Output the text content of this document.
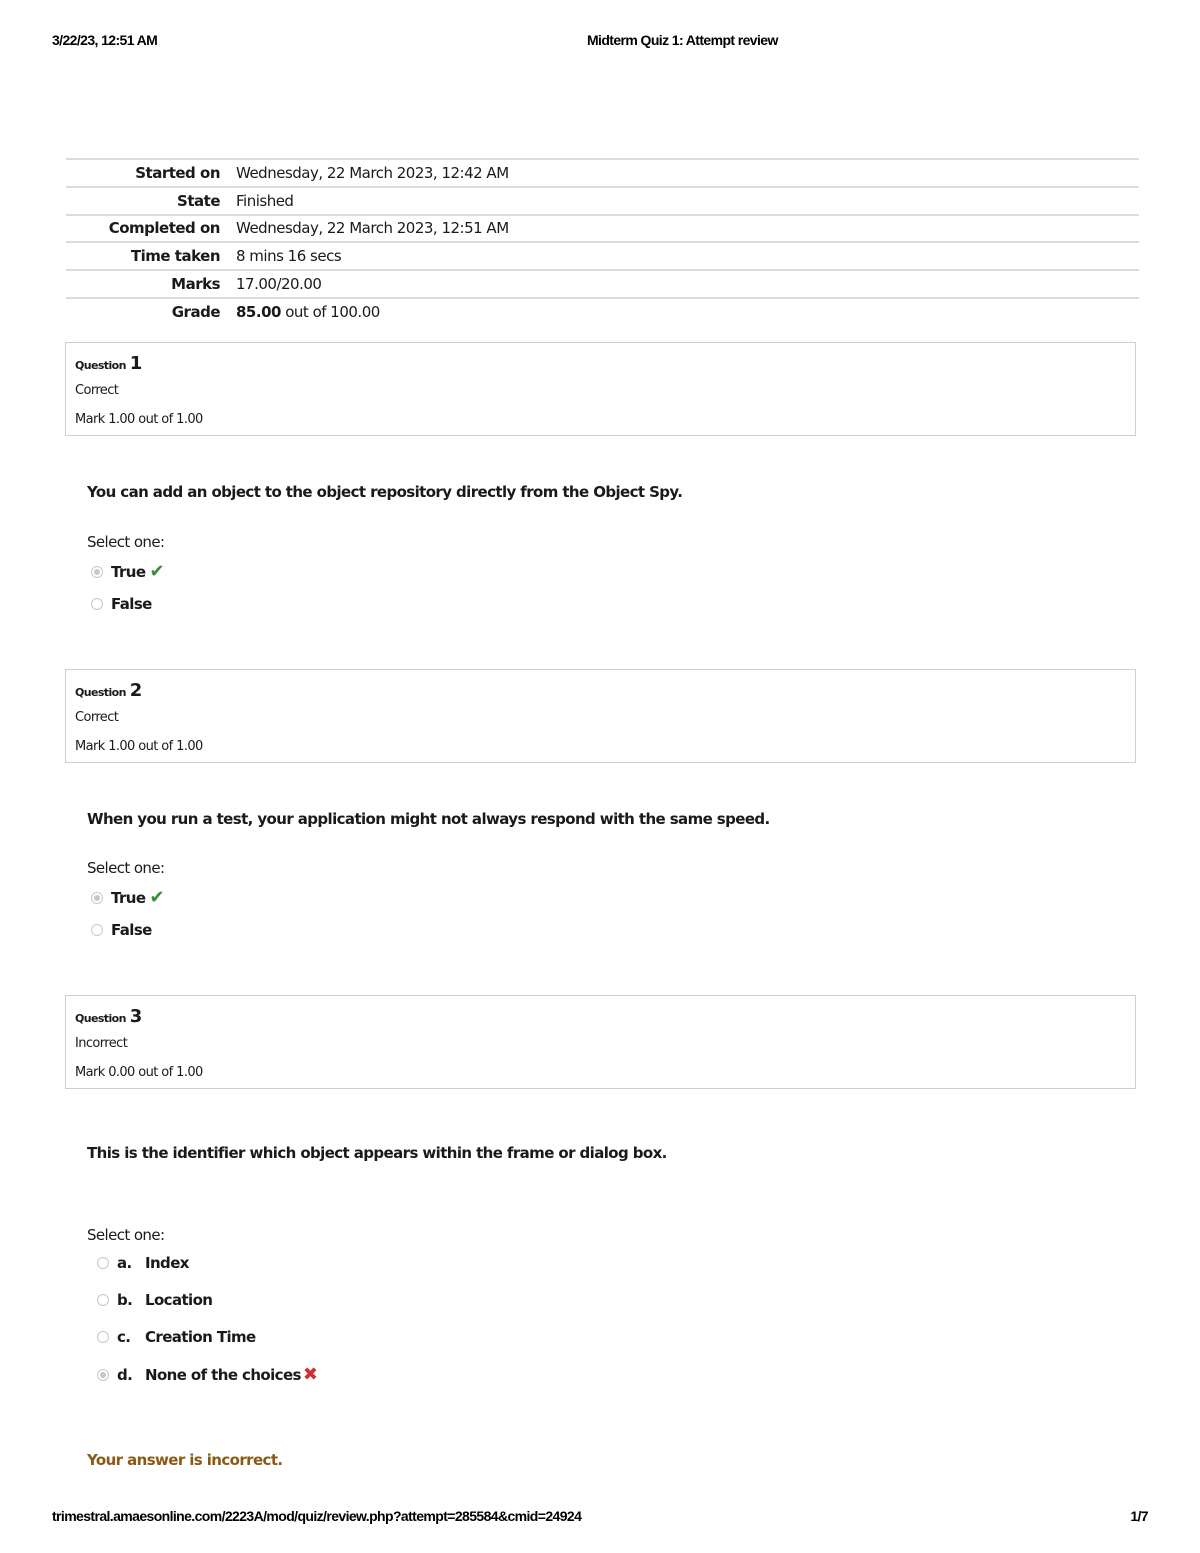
3/22/23, 12:51 AM	Midterm Quiz 1: Attempt review
Started on	Wednesday, 22 March 2023, 12:42 AM
State	Finished
Completed on	Wednesday, 22 March 2023, 12:51 AM
Time taken	8 mins 16 secs
Marks	17.00/20.00
Grade	85.00 out of 100.00
Question 1
Correct
Mark 1.00 out of 1.00
You can add an object to the object repository directly from the Object Spy.
Select one:
True ✔
False
Question 2
Correct
Mark 1.00 out of 1.00
When you run a test, your application might not always respond with the same speed.
Select one:
True ✔
False
Question 3
Incorrect
Mark 0.00 out of 1.00
This is the identifier which object appears within the frame or dialog box.
Select one:
a. Index
b. Location
c. Creation Time
d. None of the choices ✖
Your answer is incorrect.
trimestral.amaesonline.com/2223A/mod/quiz/review.php?attempt=285584&cmid=24924	1/7
